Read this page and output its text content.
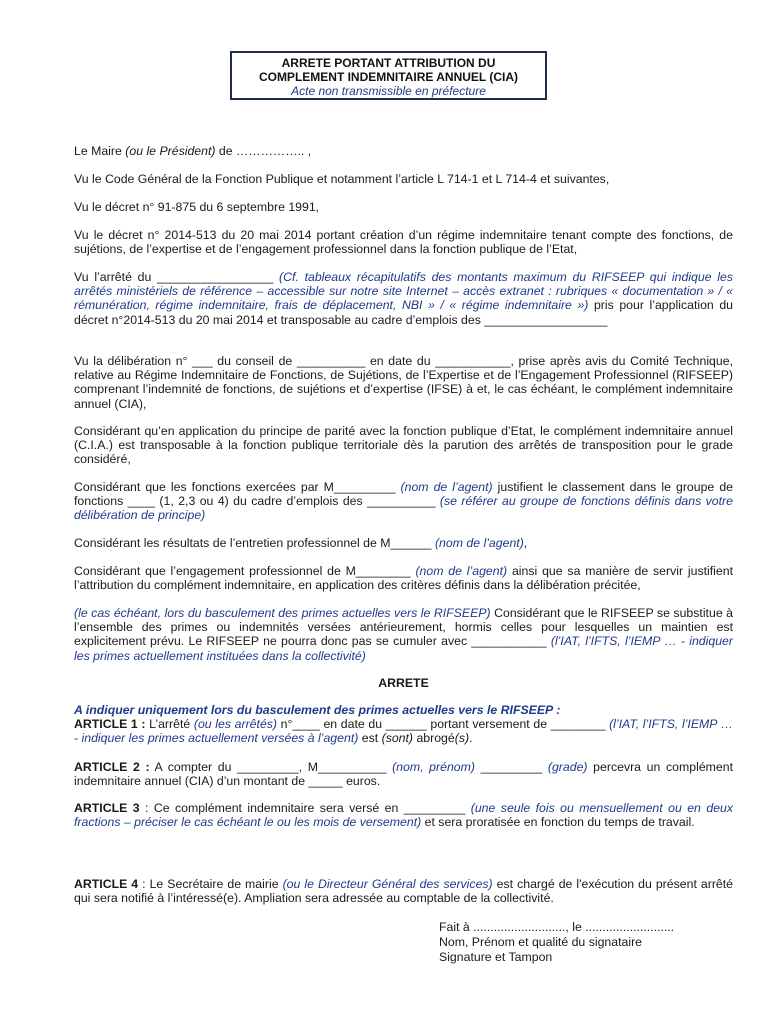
ARRETE PORTANT ATTRIBUTION DU
COMPLEMENT INDEMNITAIRE ANNUEL (CIA)
Acte non transmissible en préfecture

Le Maire (ou le Président) de …………….. ,

Vu le Code Général de la Fonction Publique et notamment l’article L 714-1 et L 714-4 et suivantes,

Vu le décret n° 91-875 du 6 septembre 1991,

Vu le décret n° 2014-513 du 20 mai 2014 portant création d’un régime indemnitaire tenant compte des fonctions, de sujétions, de l’expertise et de l’engagement professionnel dans la fonction publique de l’Etat,

Vu l’arrêté du _________________ (Cf. tableaux récapitulatifs des montants maximum du RIFSEEP qui indique les arrêtés ministériels de référence – accessible sur notre site Internet – accès extranet : rubriques « documentation » / « rémunération, régime indemnitaire, frais de déplacement, NBI » / « régime indemnitaire ») pris pour l’application du décret n°2014-513 du 20 mai 2014 et transposable au cadre d’emplois des __________________

Vu la délibération n° ___ du conseil de __________ en date du ___________, prise après avis du Comité Technique, relative au Régime Indemnitaire de Fonctions, de Sujétions, de l’Expertise et de l’Engagement Professionnel (RIFSEEP) comprenant l’indemnité de fonctions, de sujétions et d’expertise (IFSE) à et, le cas échéant, le complément indemnitaire annuel (CIA),

Considérant qu’en application du principe de parité avec la fonction publique d’Etat, le complément indemnitaire annuel (C.I.A.) est transposable à la fonction publique territoriale dès la parution des arrêtés de transposition pour le grade considéré,

Considérant que les fonctions exercées par M_________ (nom de l’agent) justifient le classement dans le groupe de fonctions ____ (1, 2,3 ou 4) du cadre d’emplois des __________ (se référer au groupe de fonctions définis dans votre délibération de principe)

Considérant les résultats de l’entretien professionnel de M______ (nom de l’agent),

Considérant que l’engagement professionnel de M________ (nom de l’agent) ainsi que sa manière de servir justifient l’attribution du complément indemnitaire, en application des critères définis dans la délibération précitée,

(le cas échéant, lors du basculement des primes actuelles vers le RIFSEEP) Considérant que le RIFSEEP se substitue à l’ensemble des primes ou indemnités versées antérieurement, hormis celles pour lesquelles un maintien est explicitement prévu. Le RIFSEEP ne pourra donc pas se cumuler avec ___________ (l’IAT, l’IFTS, l’IEMP … - indiquer les primes actuellement instituées dans la collectivité)

ARRETE

A indiquer uniquement lors du basculement des primes actuelles vers le RIFSEEP :
ARTICLE 1 : L’arrêté (ou les arrêtés) n°____ en date du ______ portant versement de ________ (l’IAT, l’IFTS, l’IEMP … - indiquer les primes actuellement versées à l’agent) est (sont) abrogé(s).

ARTICLE 2 : A compter du _________, M__________ (nom, prénom) _________ (grade) percevra un complément indemnitaire annuel (CIA) d’un montant de _____ euros.

ARTICLE 3 : Ce complément indemnitaire sera versé en _________ (une seule fois ou mensuellement ou en deux fractions – préciser le cas échéant le ou les mois de versement) et sera proratisée en fonction du temps de travail.

ARTICLE 4 : Le Secrétaire de mairie (ou le Directeur Général des services) est chargé de l'exécution du présent arrêté qui sera notifié à l’intéressé(e). Ampliation sera adressée au comptable de la collectivité.

Fait à ..........................., le ..........................
Nom, Prénom et qualité du signataire
Signature et Tampon
